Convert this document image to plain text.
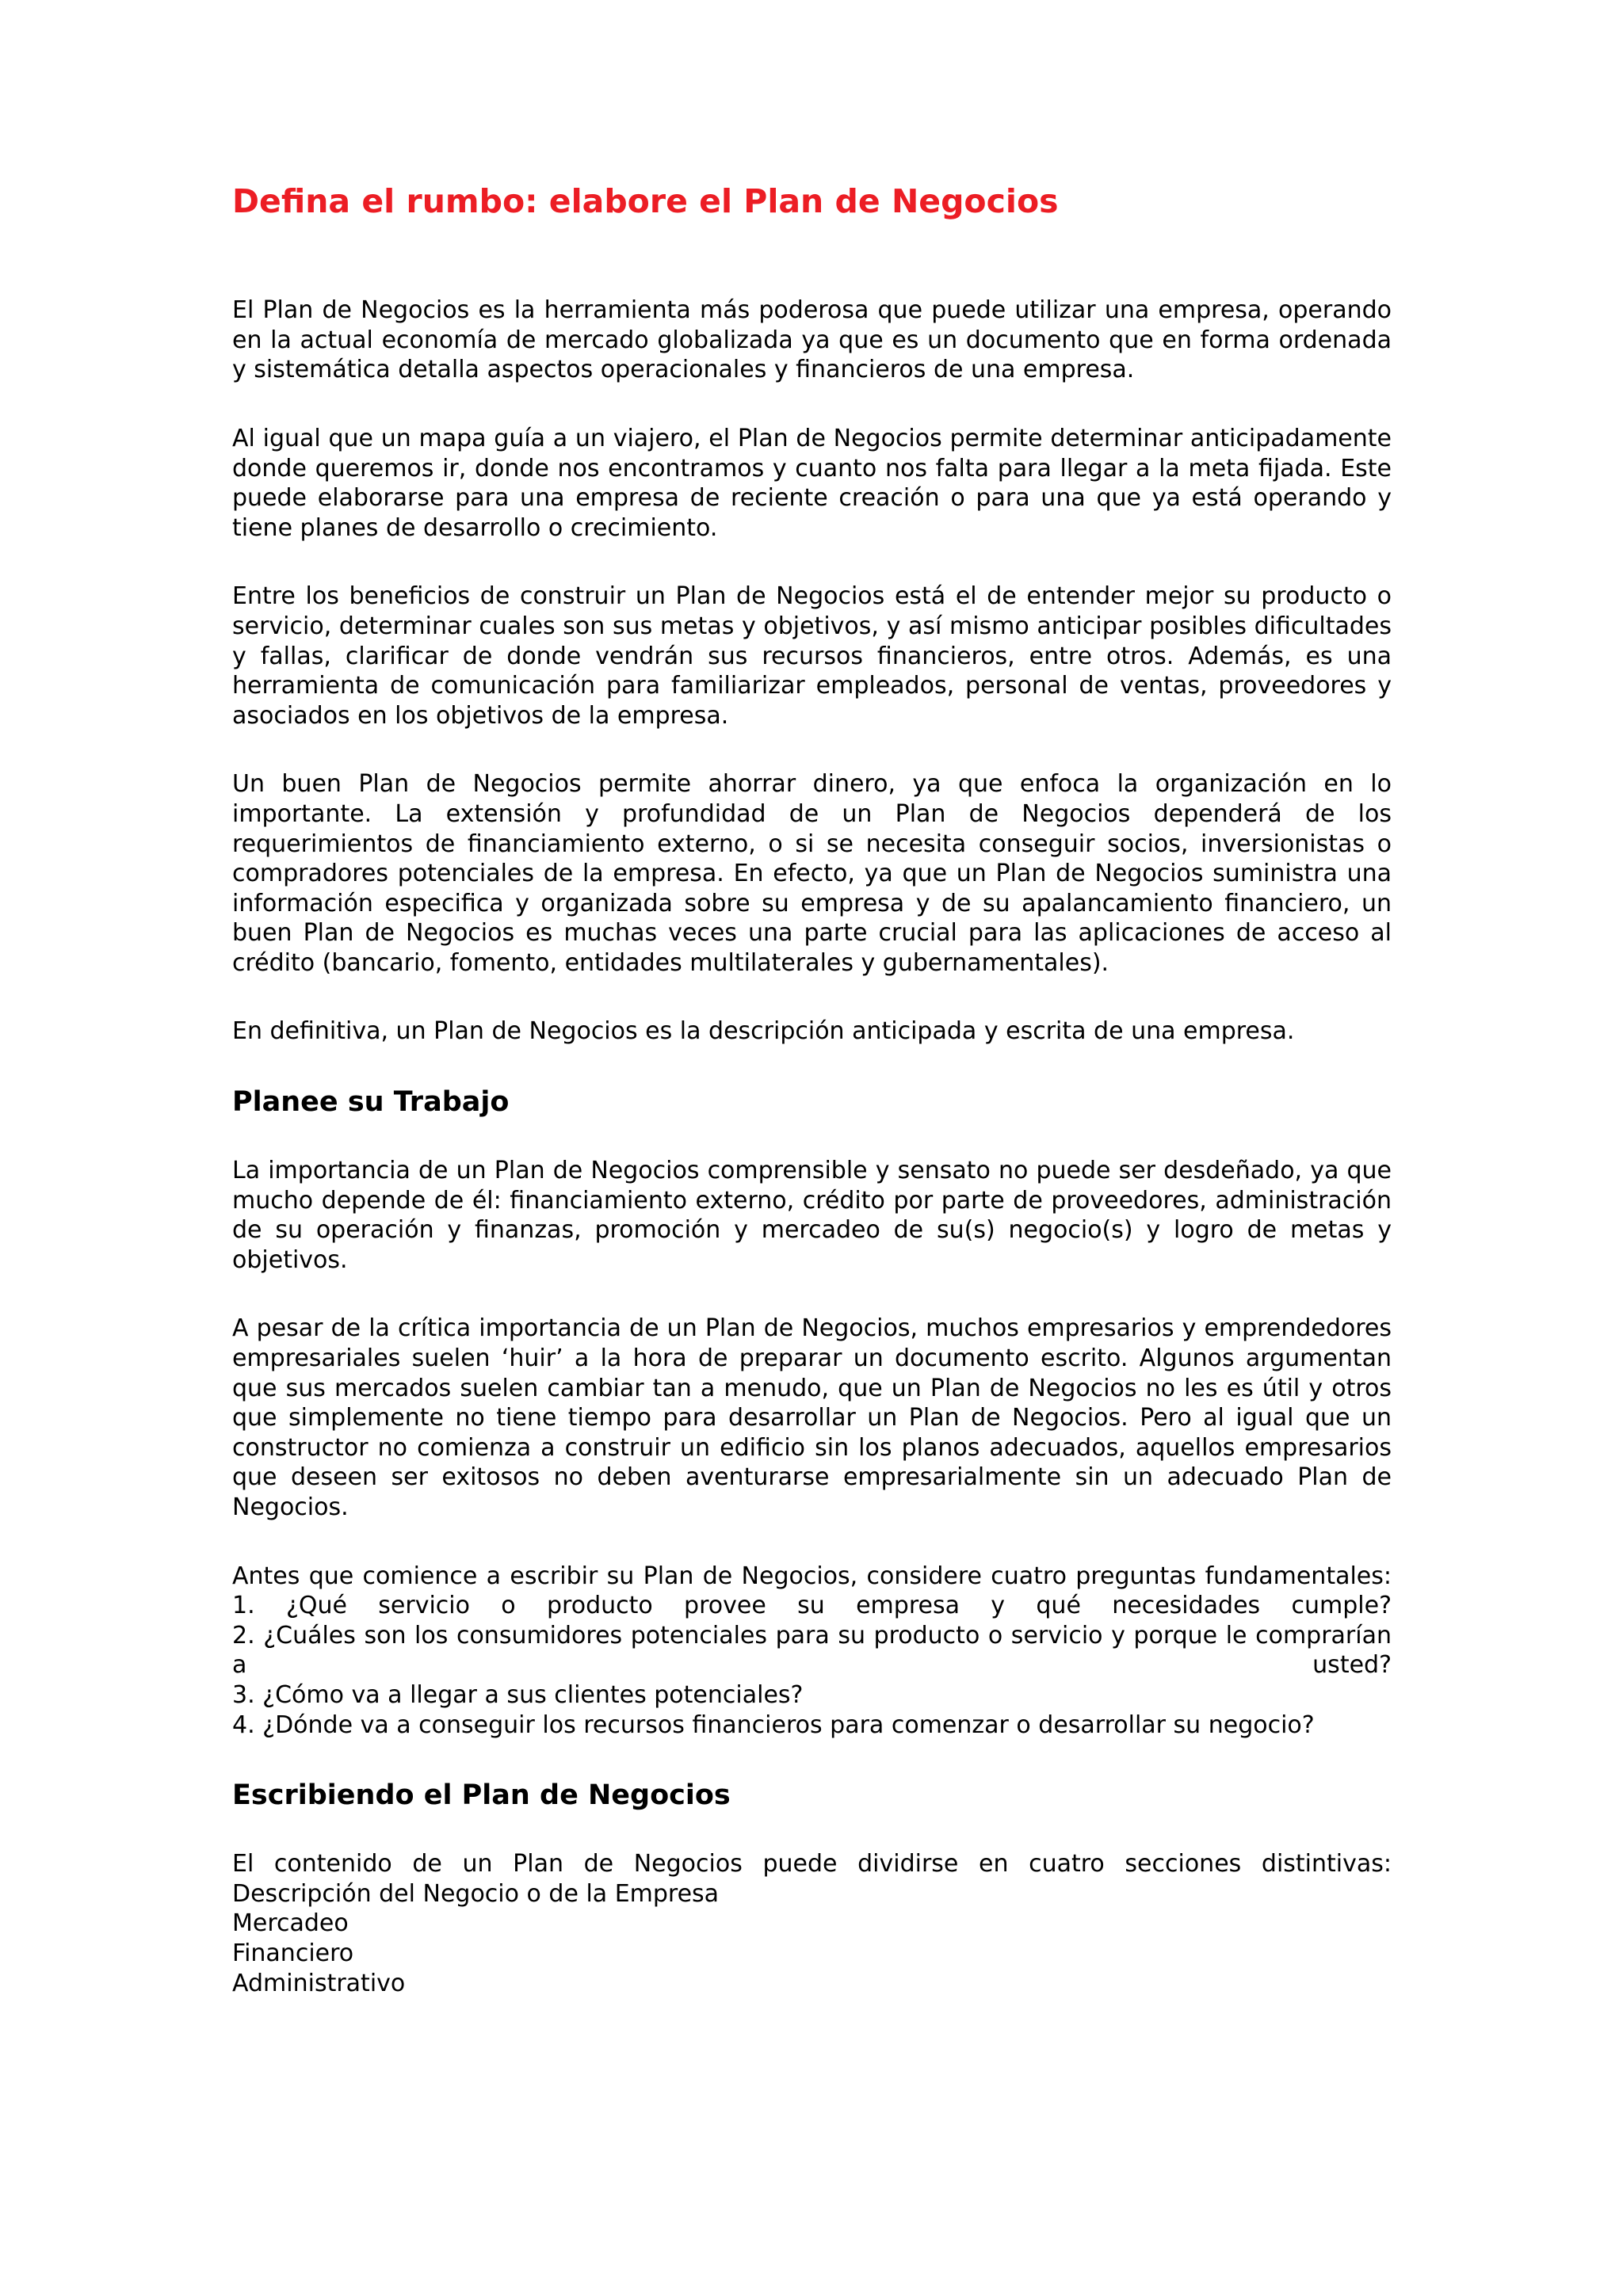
Defina el rumbo: elabore el Plan de Negocios

El Plan de Negocios es la herramienta más poderosa que puede utilizar una empresa, operando en la actual economía de mercado globalizada ya que es un documento que en forma ordenada y sistemática detalla aspectos operacionales y financieros de una empresa.

Al igual que un mapa guía a un viajero, el Plan de Negocios permite determinar anticipadamente donde queremos ir, donde nos encontramos y cuanto nos falta para llegar a la meta fijada. Este puede elaborarse para una empresa de reciente creación o para una que ya está operando y tiene planes de desarrollo o crecimiento.

Entre los beneficios de construir un Plan de Negocios está el de entender mejor su producto o servicio, determinar cuales son sus metas y objetivos, y así mismo anticipar posibles dificultades y fallas, clarificar de donde vendrán sus recursos financieros, entre otros. Además, es una herramienta de comunicación para familiarizar empleados, personal de ventas, proveedores y asociados en los objetivos de la empresa.

Un buen Plan de Negocios permite ahorrar dinero, ya que enfoca la organización en lo importante. La extensión y profundidad de un Plan de Negocios dependerá de los requerimientos de financiamiento externo, o si se necesita conseguir socios, inversionistas o compradores potenciales de la empresa. En efecto, ya que un Plan de Negocios suministra una información especifica y organizada sobre su empresa y de su apalancamiento financiero, un buen Plan de Negocios es muchas veces una parte crucial para las aplicaciones de acceso al crédito (bancario, fomento, entidades multilaterales y gubernamentales).

En definitiva, un Plan de Negocios es la descripción anticipada y escrita de una empresa.

Planee su Trabajo

La importancia de un Plan de Negocios comprensible y sensato no puede ser desdeñado, ya que mucho depende de él: financiamiento externo, crédito por parte de proveedores, administración de su operación y finanzas, promoción y mercadeo de su(s) negocio(s) y logro de metas y objetivos.

A pesar de la crítica importancia de un Plan de Negocios, muchos empresarios y emprendedores empresariales suelen ‘huir’ a la hora de preparar un documento escrito. Algunos argumentan que sus mercados suelen cambiar tan a menudo, que un Plan de Negocios no les es útil y otros que simplemente no tiene tiempo para desarrollar un Plan de Negocios. Pero al igual que un constructor no comienza a construir un edificio sin los planos adecuados, aquellos empresarios que deseen ser exitosos no deben aventurarse empresarialmente sin un adecuado Plan de Negocios.

Antes que comience a escribir su Plan de Negocios, considere cuatro preguntas fundamentales:

1. ¿Qué servicio o producto provee su empresa y qué necesidades cumple?

2. ¿Cuáles son los consumidores potenciales para su producto o servicio y porque le comprarían a usted?

3. ¿Cómo va a llegar a sus clientes potenciales?

4. ¿Dónde va a conseguir los recursos financieros para comenzar o desarrollar su negocio?

Escribiendo el Plan de Negocios

El contenido de un Plan de Negocios puede dividirse en cuatro secciones distintivas:

Descripción del Negocio o de la Empresa

Mercadeo

Financiero

Administrativo
